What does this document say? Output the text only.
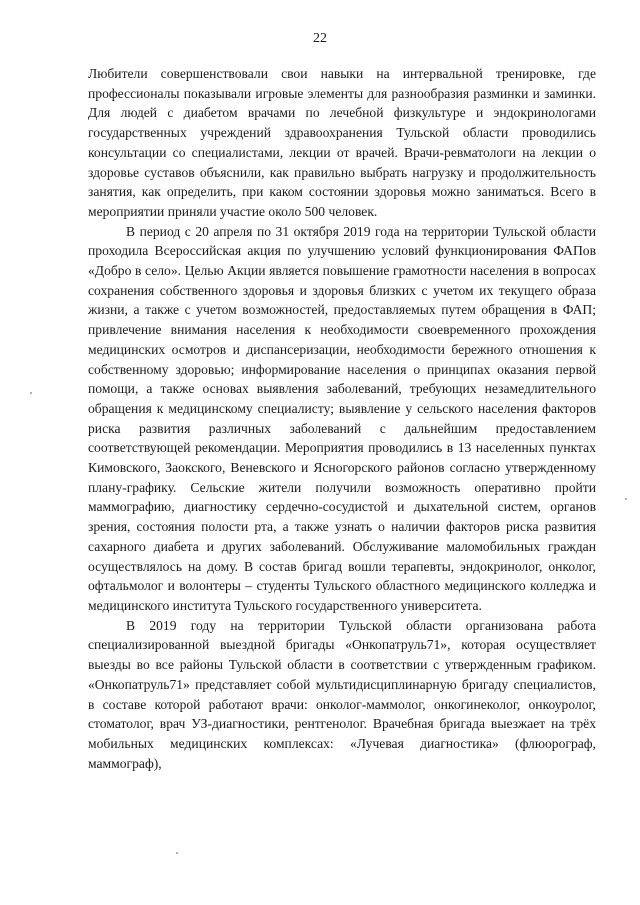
22

Любители совершенствовали свои навыки на интервальной тренировке, где профессионалы показывали игровые элементы для разнообразия разминки и заминки. Для людей с диабетом врачами по лечебной физкультуре и эндокринологами государственных учреждений здравоохранения Тульской области проводились консультации со специалистами, лекции от врачей. Врачи-ревматологи на лекции о здоровье суставов объяснили, как правильно выбрать нагрузку и продолжительность занятия, как определить, при каком состоянии здоровья можно заниматься. Всего в мероприятии приняли участие около 500 человек.

В период с 20 апреля по 31 октября 2019 года на территории Тульской области проходила Всероссийская акция по улучшению условий функционирования ФАПов «Добро в село». Целью Акции является повышение грамотности населения в вопросах сохранения собственного здоровья и здоровья близких с учетом их текущего образа жизни, а также с учетом возможностей, предоставляемых путем обращения в ФАП; привлечение внимания населения к необходимости своевременного прохождения медицинских осмотров и диспансеризации, необходимости бережного отношения к собственному здоровью; информирование населения о принципах оказания первой помощи, а также основах выявления заболеваний, требующих незамедлительного обращения к медицинскому специалисту; выявление у сельского населения факторов риска развития различных заболеваний с дальнейшим предоставлением соответствующей рекомендации. Мероприятия проводились в 13 населенных пунктах Кимовского, Заокского, Веневского и Ясногорского районов согласно утвержденному плану-графику. Сельские жители получили возможность оперативно пройти маммографию, диагностику сердечно-сосудистой и дыхательной систем, органов зрения, состояния полости рта, а также узнать о наличии факторов риска развития сахарного диабета и других заболеваний. Обслуживание маломобильных граждан осуществлялось на дому. В состав бригад вошли терапевты, эндокринолог, онколог, офтальмолог и волонтеры – студенты Тульского областного медицинского колледжа и медицинского института Тульского государственного университета.

В 2019 году на территории Тульской области организована работа специализированной выездной бригады «Онкопатруль71», которая осуществляет выезды во все районы Тульской области в соответствии с утвержденным графиком. «Онкопатруль71» представляет собой мультидисциплинарную бригаду специалистов, в составе которой работают врачи: онколог-маммолог, онкогинеколог, онкоуролог, стоматолог, врач УЗ-диагностики, рентгенолог. Врачебная бригада выезжает на трёх мобильных медицинских комплексах: «Лучевая диагностика» (флюорограф, маммограф),
